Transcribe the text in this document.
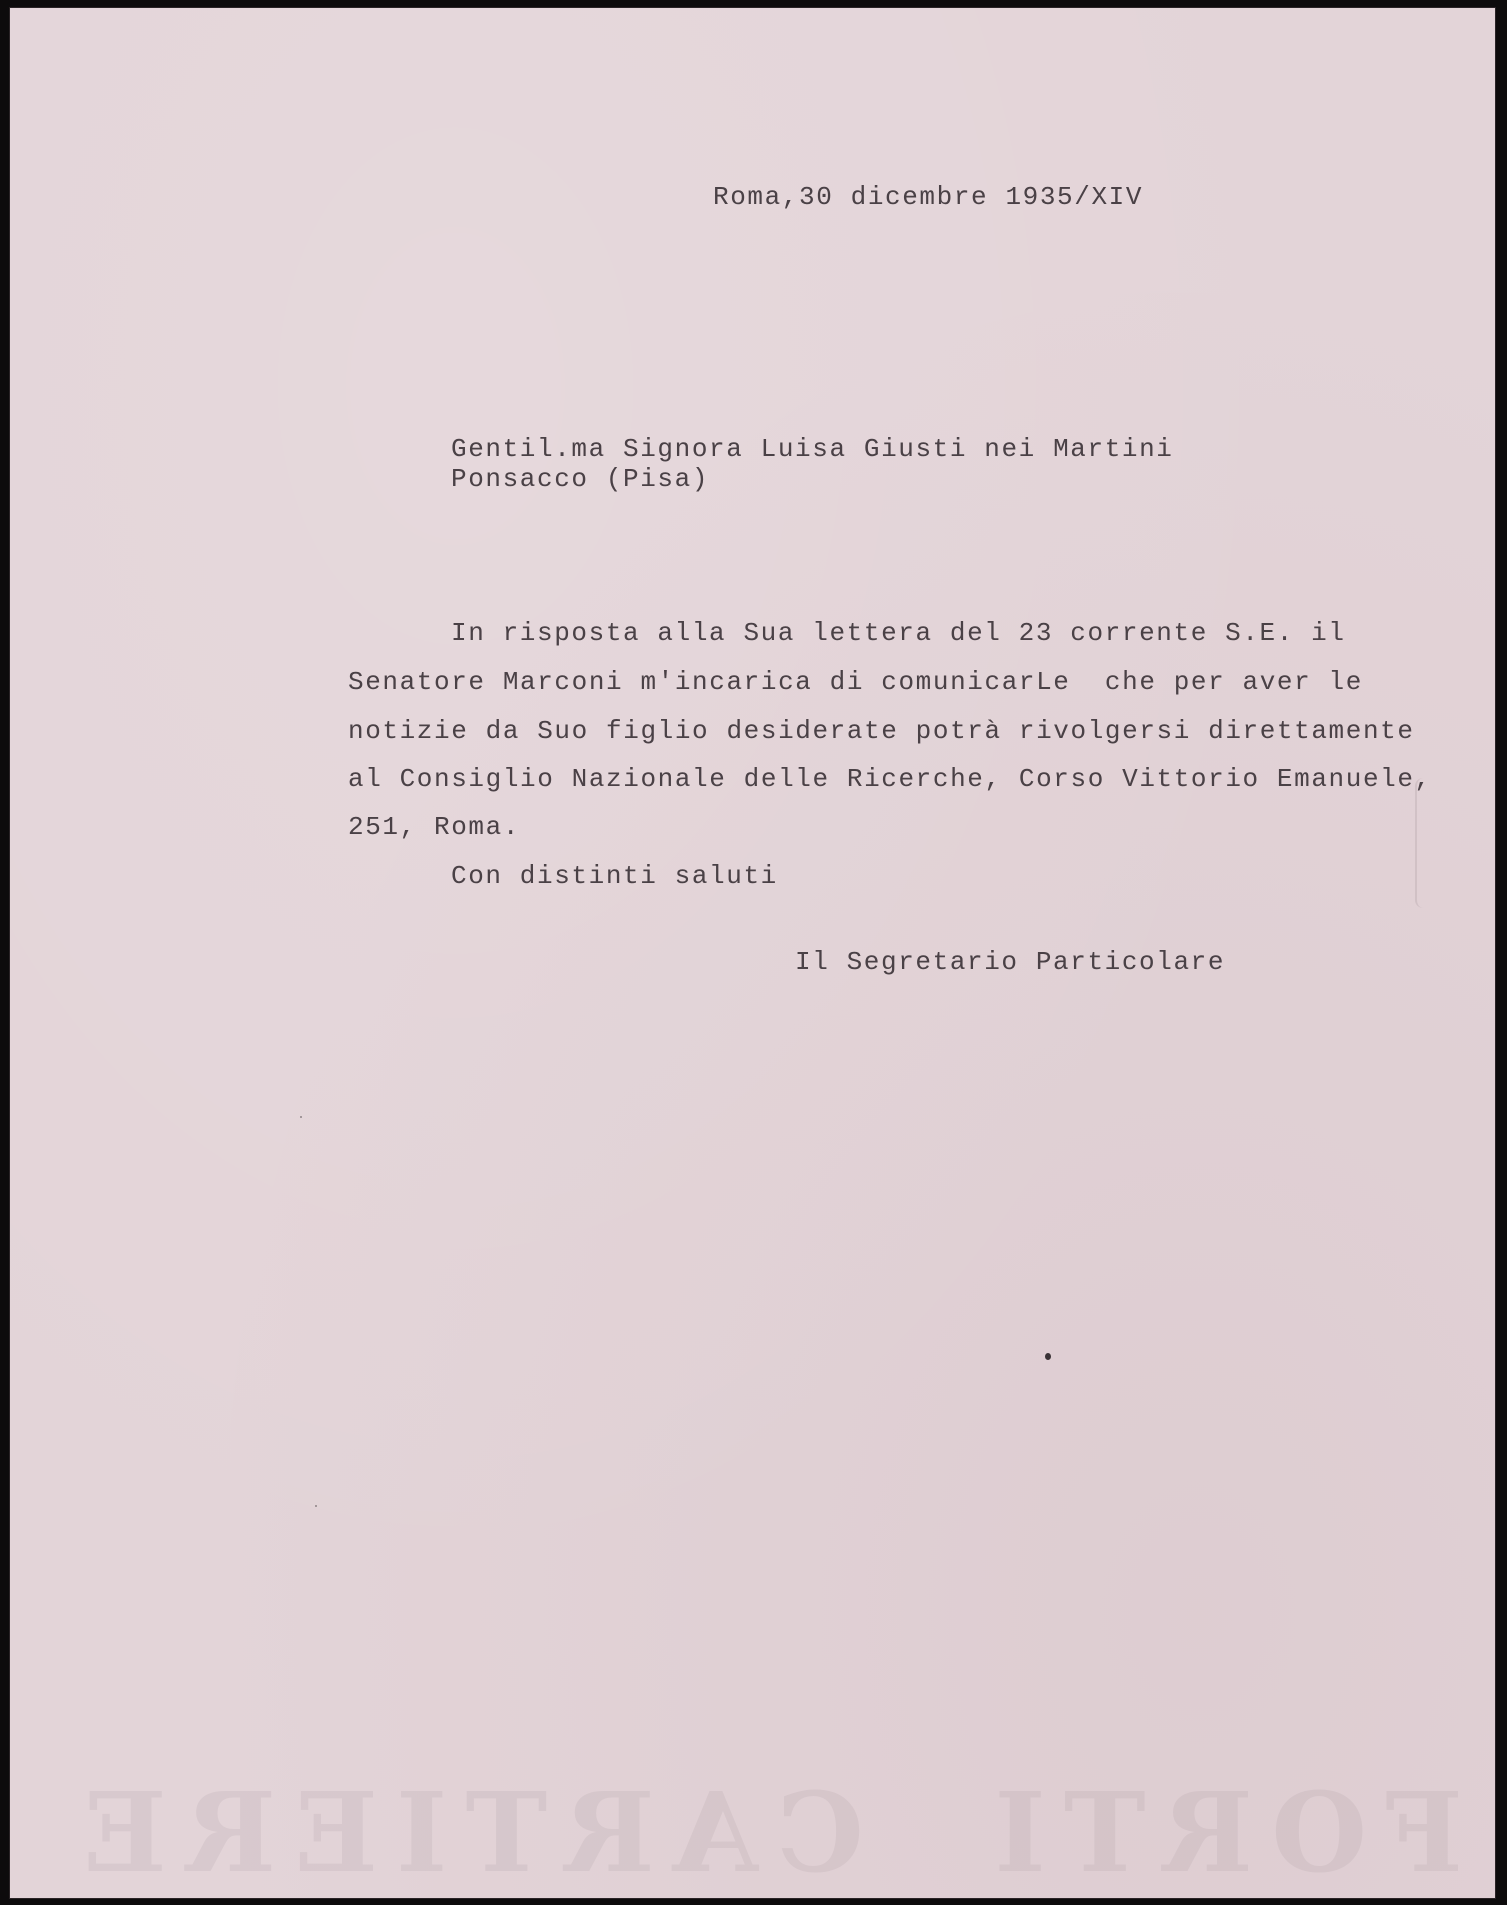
Roma,30 dicembre 1935/XIV

Gentil.ma Signora Luisa Giusti nei Martini

Ponsacco (Pisa)

In risposta alla Sua lettera del 23 corrente S.E. il

Senatore Marconi m'incarica di comunicarLe  che per aver le

notizie da Suo figlio desiderate potrà rivolgersi direttamente

al Consiglio Nazionale delle Ricerche, Corso Vittorio Emanuele,

251, Roma.

Con distinti saluti

Il Segretario Particolare

FORTI  CARTIERE
